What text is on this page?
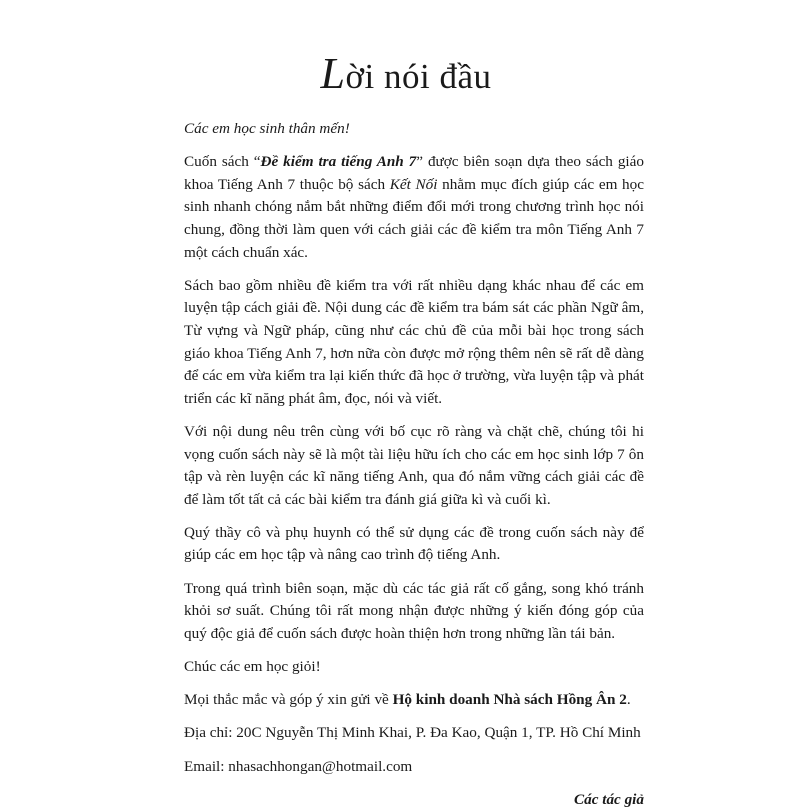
Lời nói đầu

Các em học sinh thân mến!

Cuốn sách “Đề kiểm tra tiếng Anh 7” được biên soạn dựa theo sách giáo khoa Tiếng Anh 7 thuộc bộ sách Kết Nối nhằm mục đích giúp các em học sinh nhanh chóng nắm bắt những điểm đổi mới trong chương trình học nói chung, đồng thời làm quen với cách giải các đề kiểm tra môn Tiếng Anh 7 một cách chuẩn xác.

Sách bao gồm nhiều đề kiểm tra với rất nhiều dạng khác nhau để các em luyện tập cách giải đề. Nội dung các đề kiểm tra bám sát các phần Ngữ âm, Từ vựng và Ngữ pháp, cũng như các chủ đề của mỗi bài học trong sách giáo khoa Tiếng Anh 7, hơn nữa còn được mở rộng thêm nên sẽ rất dễ dàng để các em vừa kiểm tra lại kiến thức đã học ở trường, vừa luyện tập và phát triển các kĩ năng phát âm, đọc, nói và viết.

Với nội dung nêu trên cùng với bố cục rõ ràng và chặt chẽ, chúng tôi hi vọng cuốn sách này sẽ là một tài liệu hữu ích cho các em học sinh lớp 7 ôn tập và rèn luyện các kĩ năng tiếng Anh, qua đó nắm vững cách giải các đề để làm tốt tất cả các bài kiểm tra đánh giá giữa kì và cuối kì.

Quý thầy cô và phụ huynh có thể sử dụng các đề trong cuốn sách này để giúp các em học tập và nâng cao trình độ tiếng Anh.

Trong quá trình biên soạn, mặc dù các tác giả rất cố gắng, song khó tránh khỏi sơ suất. Chúng tôi rất mong nhận được những ý kiến đóng góp của quý độc giả để cuốn sách được hoàn thiện hơn trong những lần tái bản.

Chúc các em học giỏi!

Mọi thắc mắc và góp ý xin gửi về Hộ kinh doanh Nhà sách Hồng Ân 2.

Địa chỉ: 20C Nguyễn Thị Minh Khai, P. Đa Kao, Quận 1, TP. Hồ Chí Minh

Email: nhasachhongan@hotmail.com

Các tác giả
